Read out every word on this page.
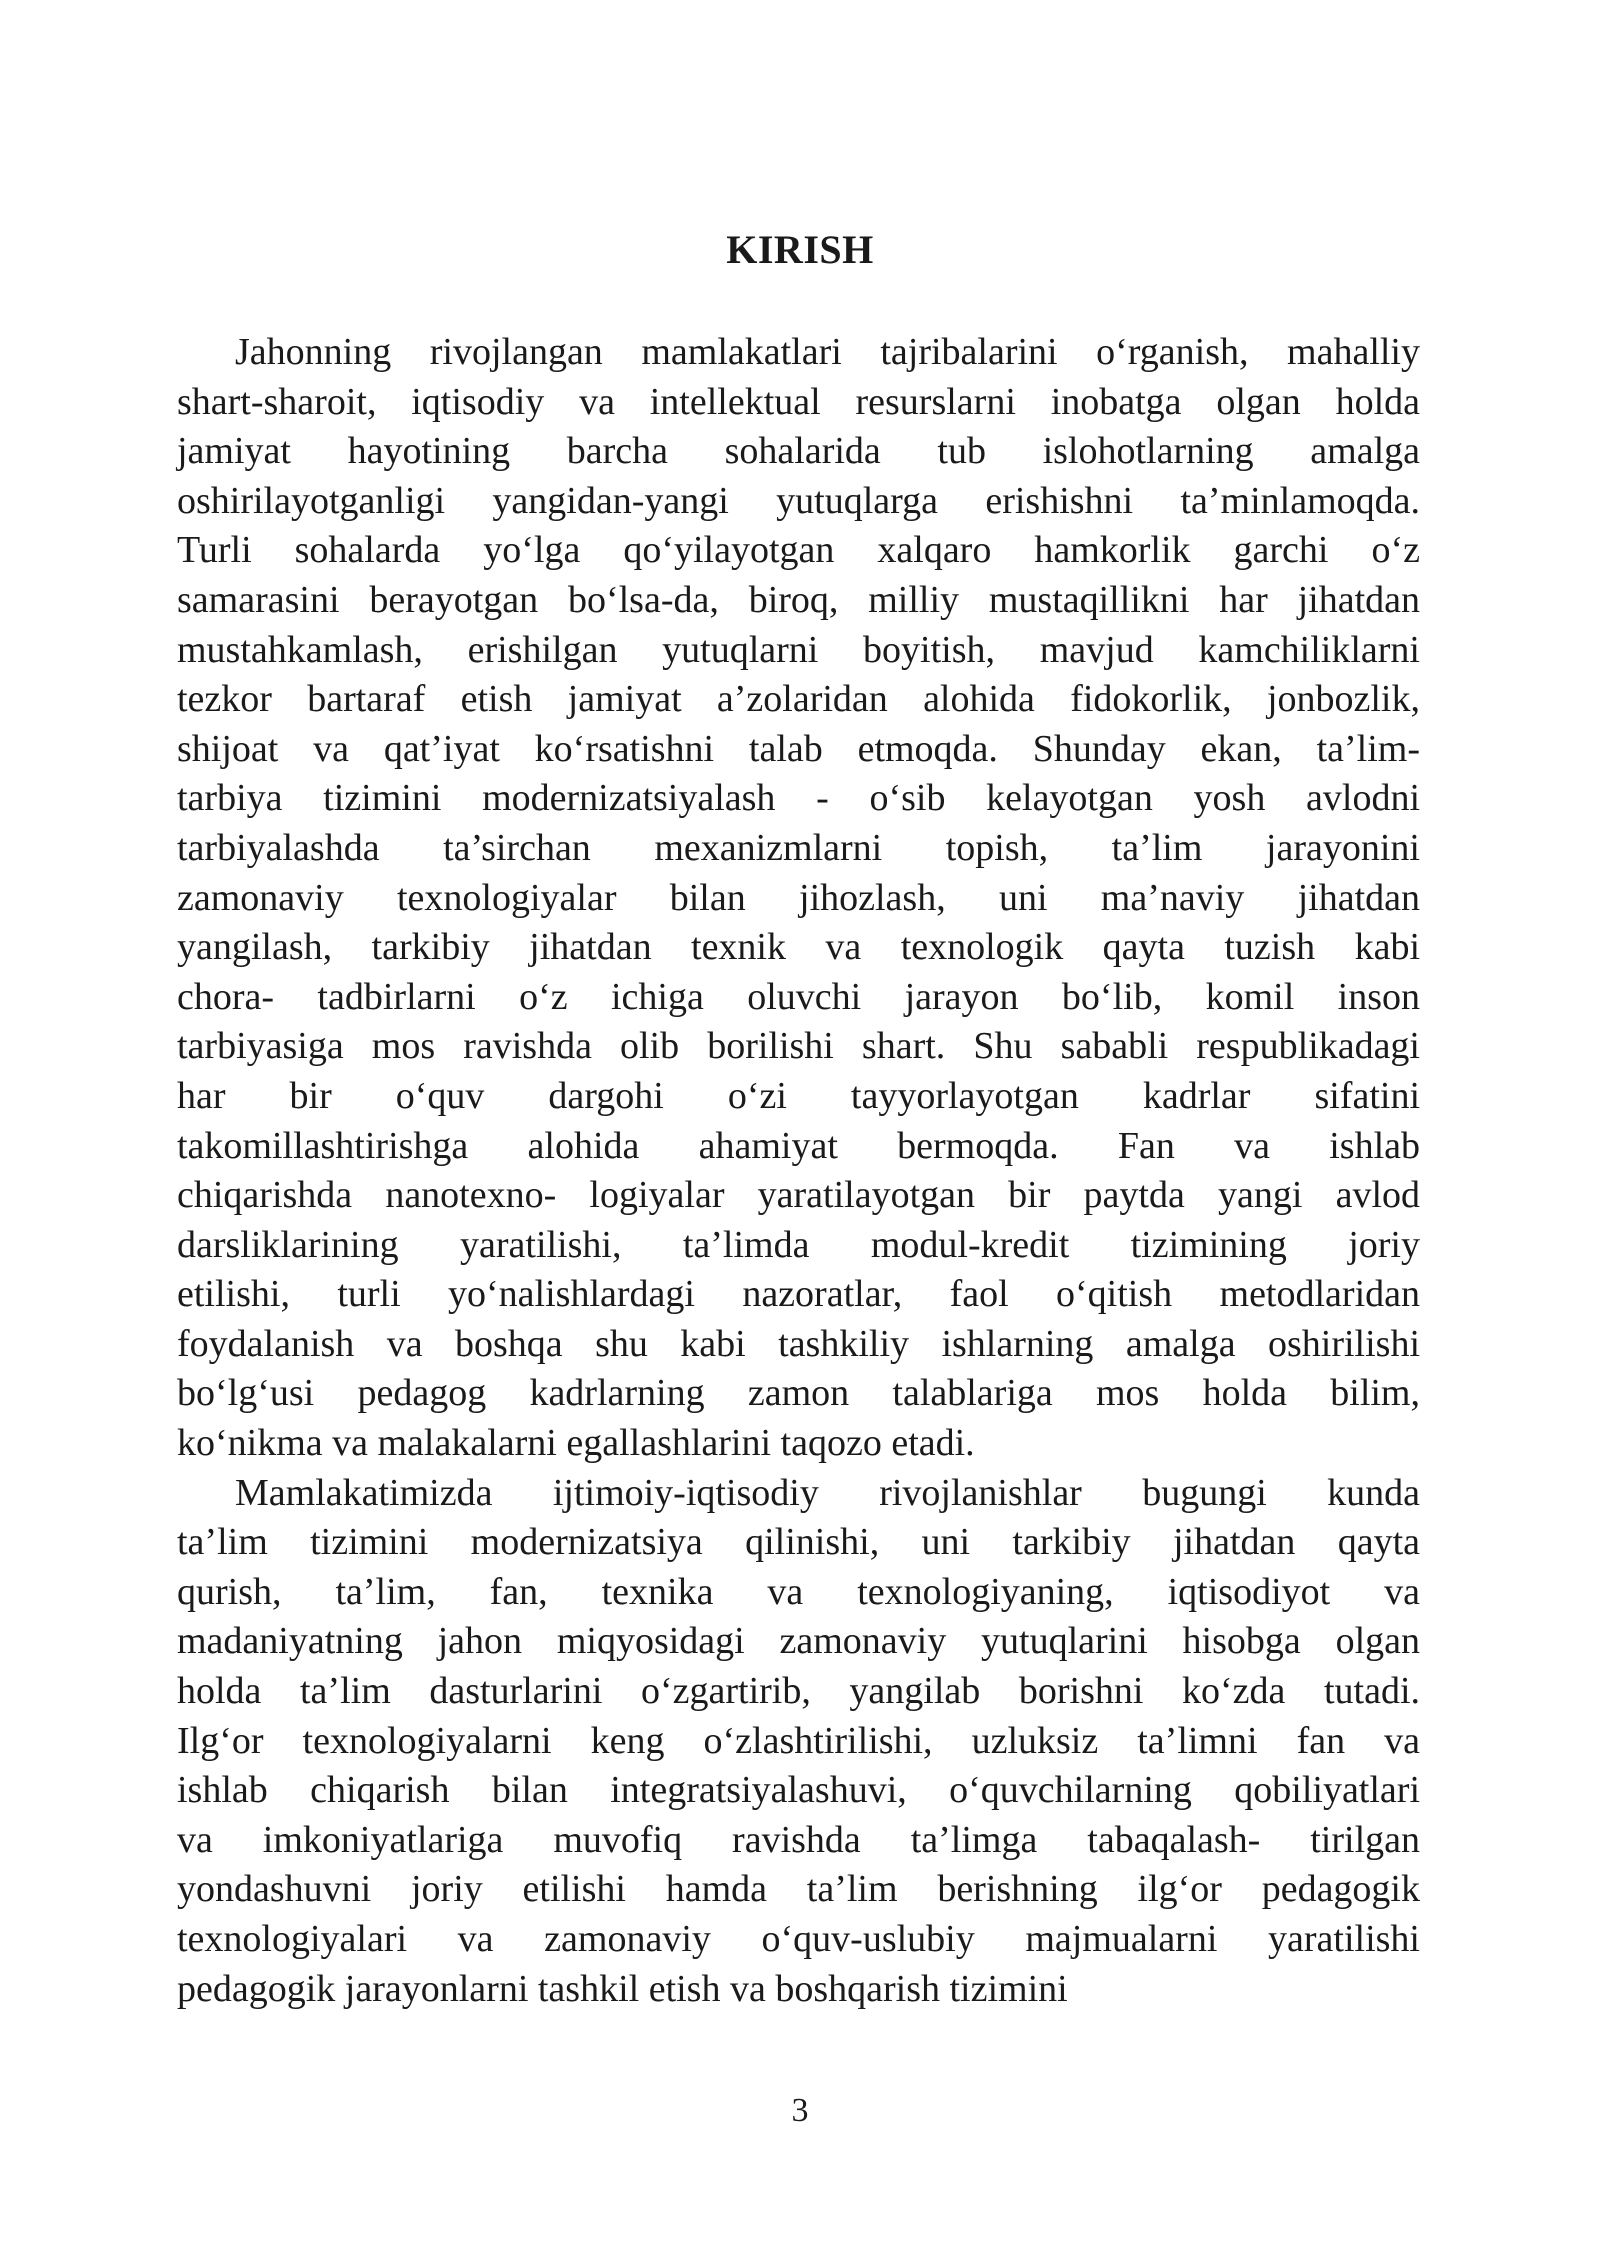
KIRISH
Jahonning rivojlangan mamlakatlari tajribalarini o‘rganish, mahalliy
shart-sharoit, iqtisodiy va intellektual resurslarni inobatga olgan holda
jamiyat hayotining barcha sohalarida tub islohotlarning amalga
oshirilayotganligi yangidan-yangi yutuqlarga erishishni ta’minlamoqda.
Turli sohalarda yo‘lga qo‘yilayotgan xalqaro hamkorlik garchi o‘z
samarasini berayotgan bo‘lsa-da, biroq, milliy mustaqillikni har jihatdan
mustahkamlash, erishilgan yutuqlarni boyitish, mavjud kamchiliklarni
tezkor bartaraf etish jamiyat a’zolaridan alohida fidokorlik, jonbozlik,
shijoat va qat’iyat ko‘rsatishni talab etmoqda. Shunday ekan, ta’lim-
tarbiya tizimini modernizatsiyalash - o‘sib kelayotgan yosh avlodni
tarbiyalashda ta’sirchan mexanizmlarni topish, ta’lim jarayonini
zamonaviy texnologiyalar bilan jihozlash, uni ma’naviy jihatdan
yangilash, tarkibiy jihatdan texnik va texnologik qayta tuzish kabi
chora- tadbirlarni o‘z ichiga oluvchi jarayon bo‘lib, komil inson
tarbiyasiga mos ravishda olib borilishi shart. Shu sababli respublikadagi
har bir o‘quv dargohi o‘zi tayyorlayotgan kadrlar sifatini
takomillashtirishga alohida ahamiyat bermoqda. Fan va ishlab
chiqarishda nanotexno- logiyalar yaratilayotgan bir paytda yangi avlod
darsliklarining yaratilishi, ta’limda modul-kredit tizimining joriy
etilishi, turli yo‘nalishlardagi nazoratlar, faol o‘qitish metodlaridan
foydalanish va boshqa shu kabi tashkiliy ishlarning amalga oshirilishi
bo‘lg‘usi pedagog kadrlarning zamon talablariga mos holda bilim,
ko‘nikma va malakalarni egallashlarini taqozo etadi.
Mamlakatimizda ijtimoiy-iqtisodiy rivojlanishlar bugungi kunda
ta’lim tizimini modernizatsiya qilinishi, uni tarkibiy jihatdan qayta
qurish, ta’lim, fan, texnika va texnologiyaning, iqtisodiyot va
madaniyatning jahon miqyosidagi zamonaviy yutuqlarini hisobga olgan
holda ta’lim dasturlarini o‘zgartirib, yangilab borishni ko‘zda tutadi.
Ilg‘or texnologiyalarni keng o‘zlashtirilishi, uzluksiz ta’limni fan va
ishlab chiqarish bilan integratsiyalashuvi, o‘quvchilarning qobiliyatlari
va imkoniyatlariga muvofiq ravishda ta’limga tabaqalash- tirilgan
yondashuvni joriy etilishi hamda ta’lim berishning ilg‘or pedagogik
texnologiyalari va zamonaviy o‘quv-uslubiy majmualarni yaratilishi
pedagogik jarayonlarni tashkil etish va boshqarish tizimini
3
